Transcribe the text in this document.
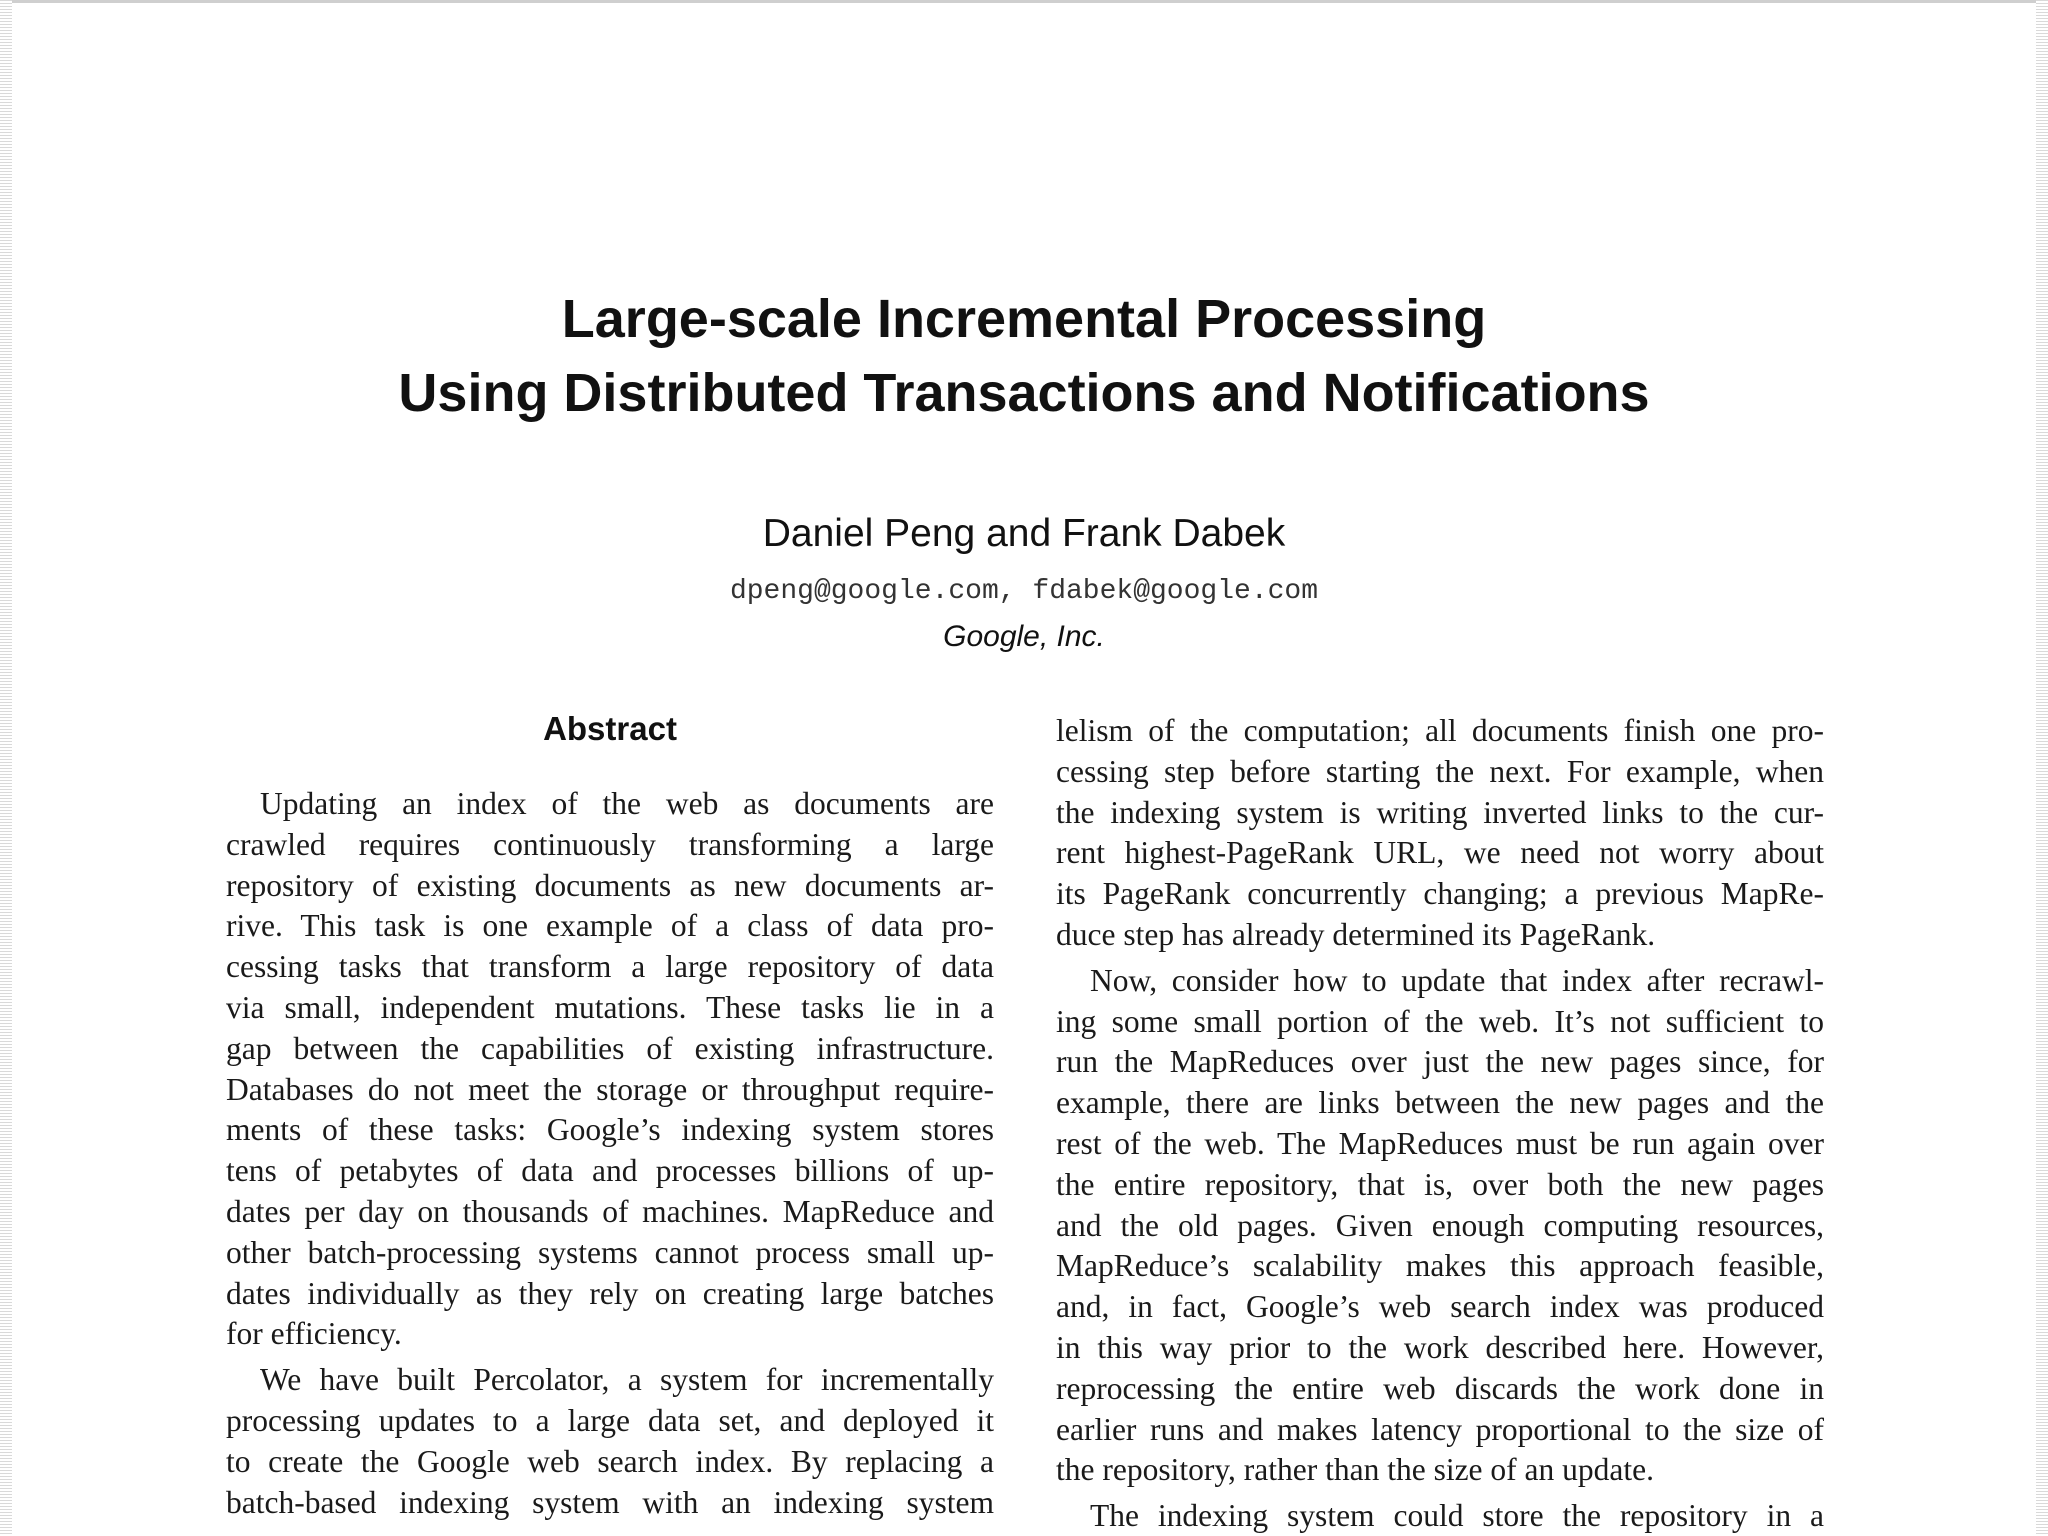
Large-scale Incremental Processing
Using Distributed Transactions and Notifications
Daniel Peng and Frank Dabek
dpeng@google.com, fdabek@google.com
Google, Inc.
Abstract
Updating an index of the web as documents are
crawled requires continuously transforming a large
repository of existing documents as new documents ar-
rive. This task is one example of a class of data pro-
cessing tasks that transform a large repository of data
via small, independent mutations. These tasks lie in a
gap between the capabilities of existing infrastructure.
Databases do not meet the storage or throughput require-
ments of these tasks: Google’s indexing system stores
tens of petabytes of data and processes billions of up-
dates per day on thousands of machines. MapReduce and
other batch-processing systems cannot process small up-
dates individually as they rely on creating large batches
for efficiency.
We have built Percolator, a system for incrementally
processing updates to a large data set, and deployed it
to create the Google web search index. By replacing a
batch-based indexing system with an indexing system
lelism of the computation; all documents finish one pro-
cessing step before starting the next. For example, when
the indexing system is writing inverted links to the cur-
rent highest-PageRank URL, we need not worry about
its PageRank concurrently changing; a previous MapRe-
duce step has already determined its PageRank.
Now, consider how to update that index after recrawl-
ing some small portion of the web. It’s not sufficient to
run the MapReduces over just the new pages since, for
example, there are links between the new pages and the
rest of the web. The MapReduces must be run again over
the entire repository, that is, over both the new pages
and the old pages. Given enough computing resources,
MapReduce’s scalability makes this approach feasible,
and, in fact, Google’s web search index was produced
in this way prior to the work described here. However,
reprocessing the entire web discards the work done in
earlier runs and makes latency proportional to the size of
the repository, rather than the size of an update.
The indexing system could store the repository in a
